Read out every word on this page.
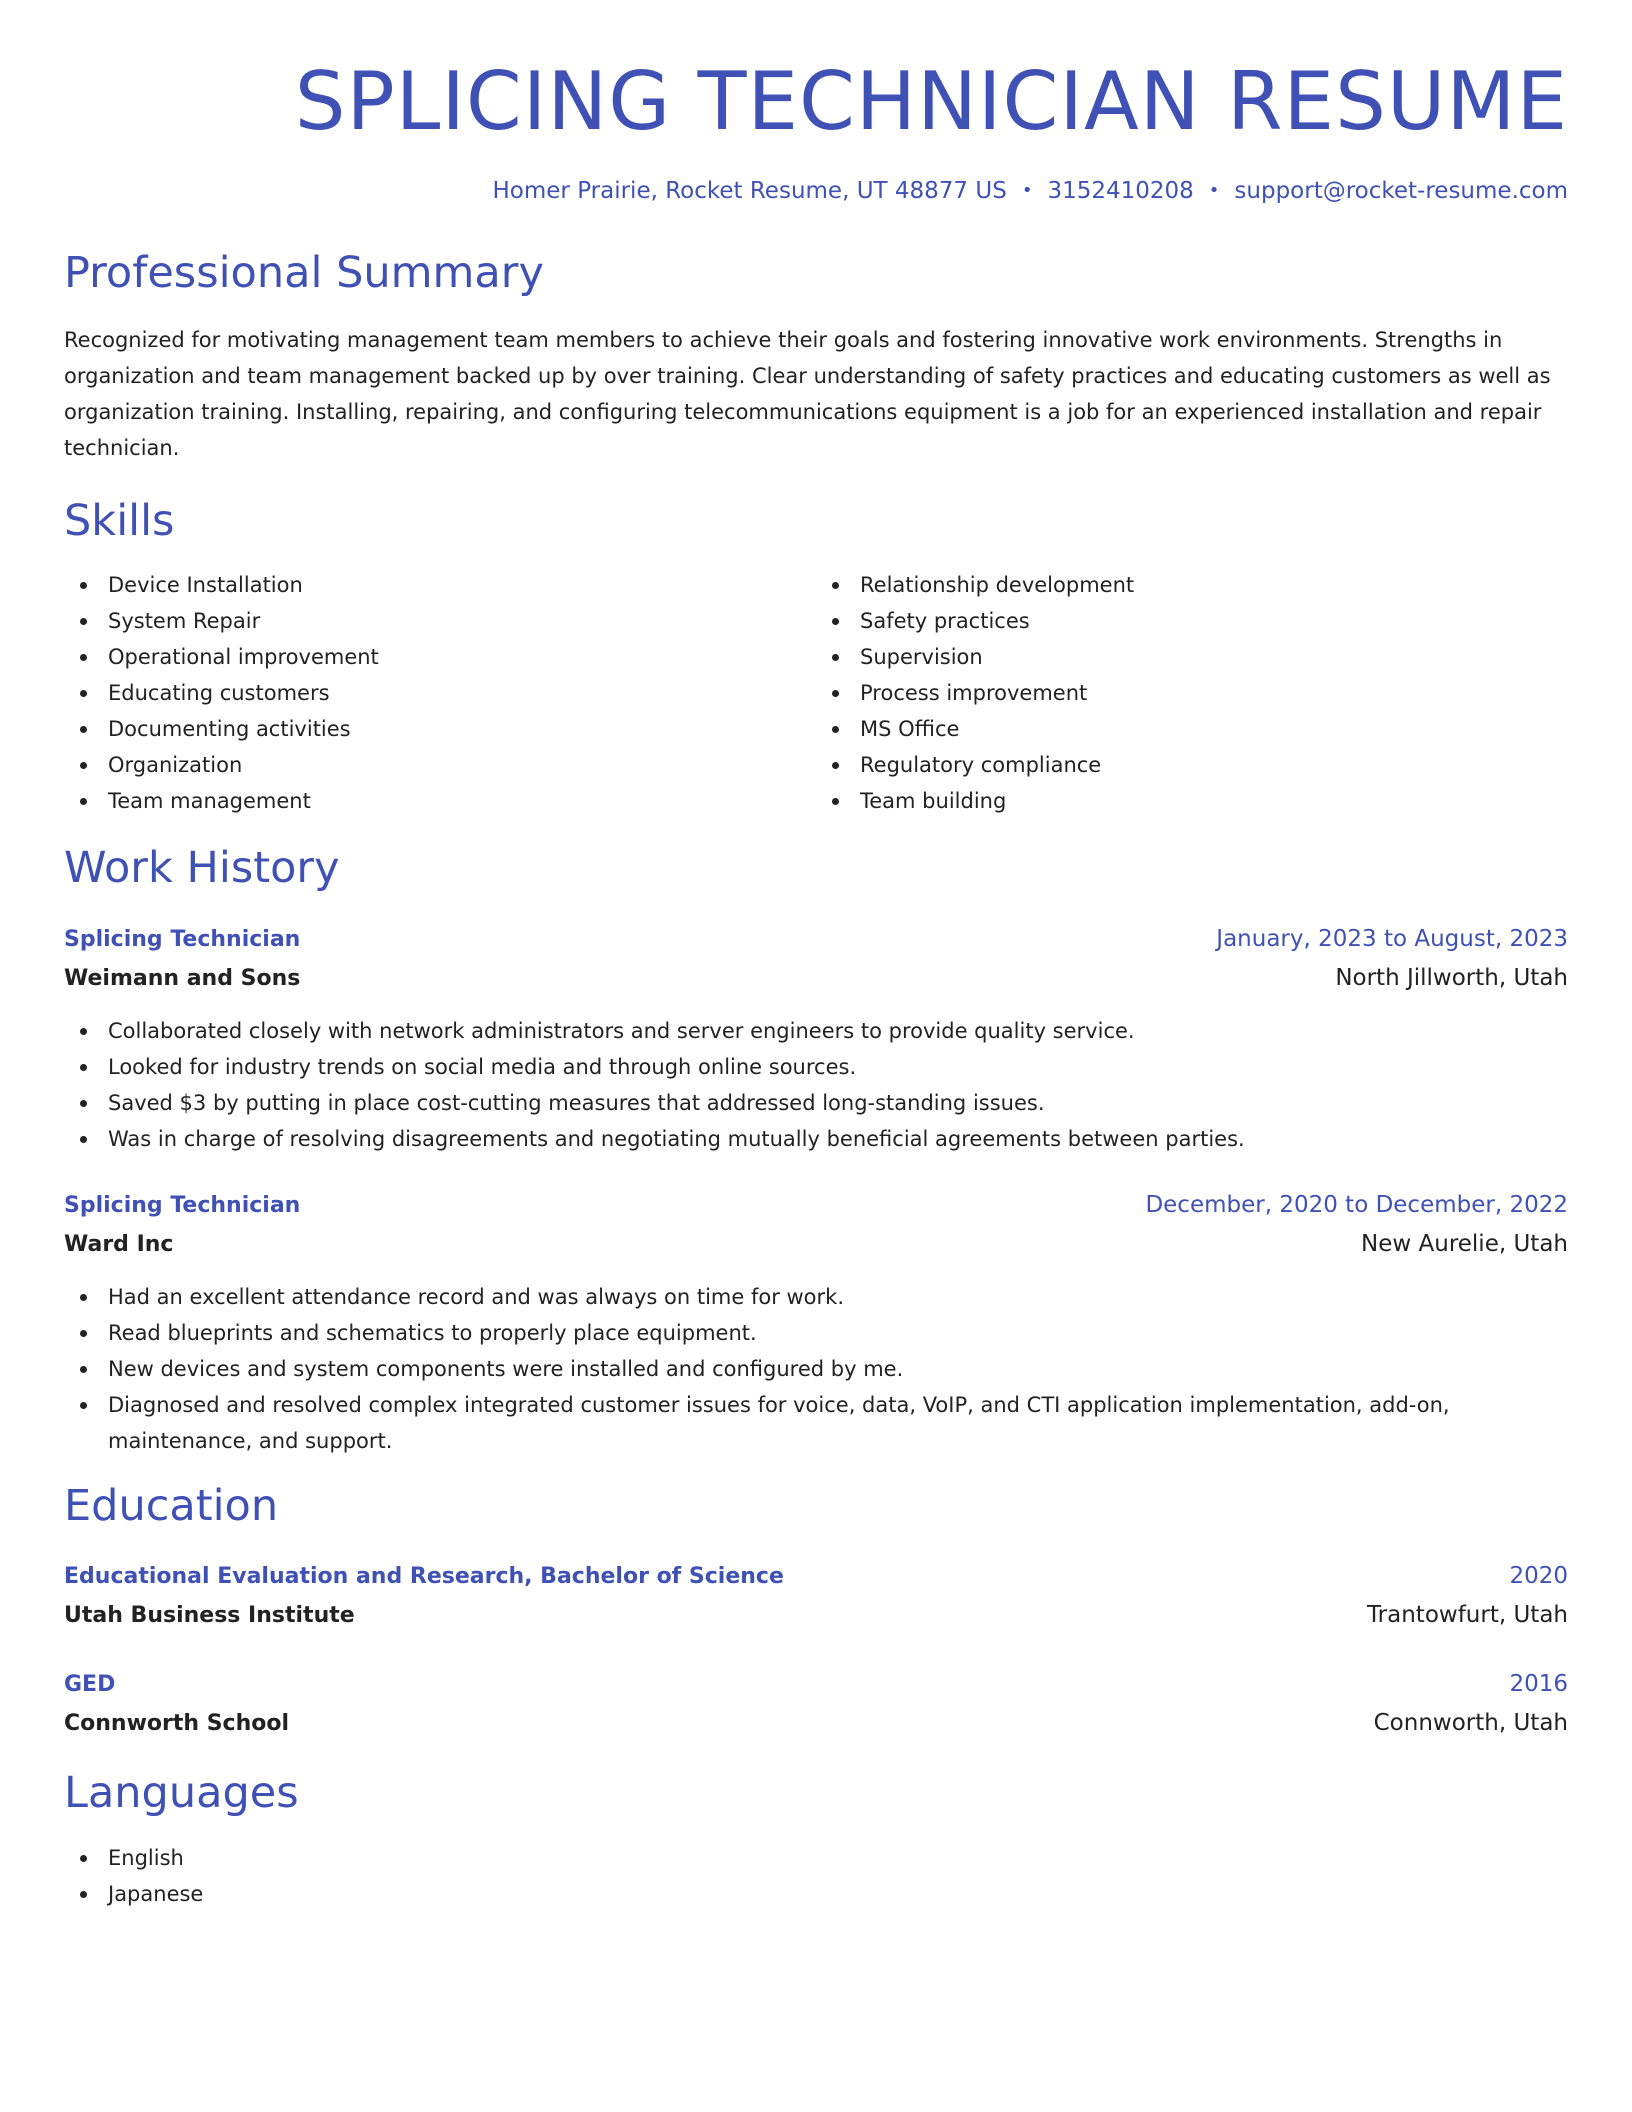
SPLICING TECHNICIAN RESUME
Homer Prairie, Rocket Resume, UT 48877 US • 3152410208 • support@rocket-resume.com
Professional Summary

Recognized for motivating management team members to achieve their goals and fostering innovative work environments. Strengths in organization and team management backed up by over training. Clear understanding of safety practices and educating customers as well as organization training. Installing, repairing, and configuring telecommunications equipment is a job for an experienced installation and repair technician.

Skills
Device Installation
System Repair
Operational improvement
Educating customers
Documenting activities
Organization
Team management
Relationship development
Safety practices
Supervision
Process improvement
MS Office
Regulatory compliance
Team building
Work History
Splicing Technician	January, 2023 to August, 2023
Weimann and Sons	North Jillworth, Utah
Collaborated closely with network administrators and server engineers to provide quality service.
Looked for industry trends on social media and through online sources.
Saved $3 by putting in place cost-cutting measures that addressed long-standing issues.
Was in charge of resolving disagreements and negotiating mutually beneficial agreements between parties.
Splicing Technician	December, 2020 to December, 2022
Ward Inc	New Aurelie, Utah
Had an excellent attendance record and was always on time for work.
Read blueprints and schematics to properly place equipment.
New devices and system components were installed and configured by me.
Diagnosed and resolved complex integrated customer issues for voice, data, VoIP, and CTI application implementation, add-on, maintenance, and support.
Education
Educational Evaluation and Research, Bachelor of Science	2020
Utah Business Institute	Trantowfurt, Utah
GED	2016
Connworth School	Connworth, Utah
Languages
English
Japanese
